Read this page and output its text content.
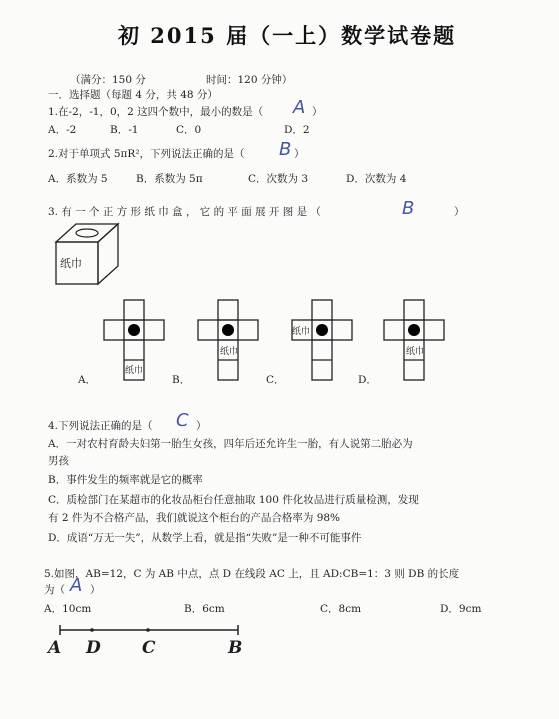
初 2015 届（一上）数学试卷题
（满分：150 分	时间：120 分钟）
一．选择题（每题 4 分，共 48 分）
1.在-2，-1，0，2 这四个数中，最小的数是（ A ）
A．-2	B．-1	C．0	D．2
2.对于单项式 5πR²，下列说法正确的是（ B ）
A．系数为 5	B．系数为 5π	C．次数为 3	D．次数为 4
3. 有 一 个 正 方 形 纸 巾 盒 ， 它 的 平 面 展 开 图 是 （	B	）
纸巾
纸巾
A．
纸巾
B．
纸巾
C．
纸巾
D．
4.下列说法正确的是（ C ）
A．一对农村育龄夫妇第一胎生女孩，四年后还允许生一胎，有人说第二胎必为
男孩
B．事件发生的频率就是它的概率
C．质检部门在某超市的化妆品柜台任意抽取 100 件化妆品进行质量检测，发现
有 2 件为不合格产品，我们就说这个柜台的产品合格率为 98%
D．成语“万无一失”，从数学上看，就是指“失败”是一种不可能事件
5.如图，AB=12，C 为 AB 中点，点 D 在线段 AC 上，且 AD:CB=1：3 则 DB 的长度
为（ A ）
A．10cm	B．6cm	C．8cm	D．9cm
A D C	B
